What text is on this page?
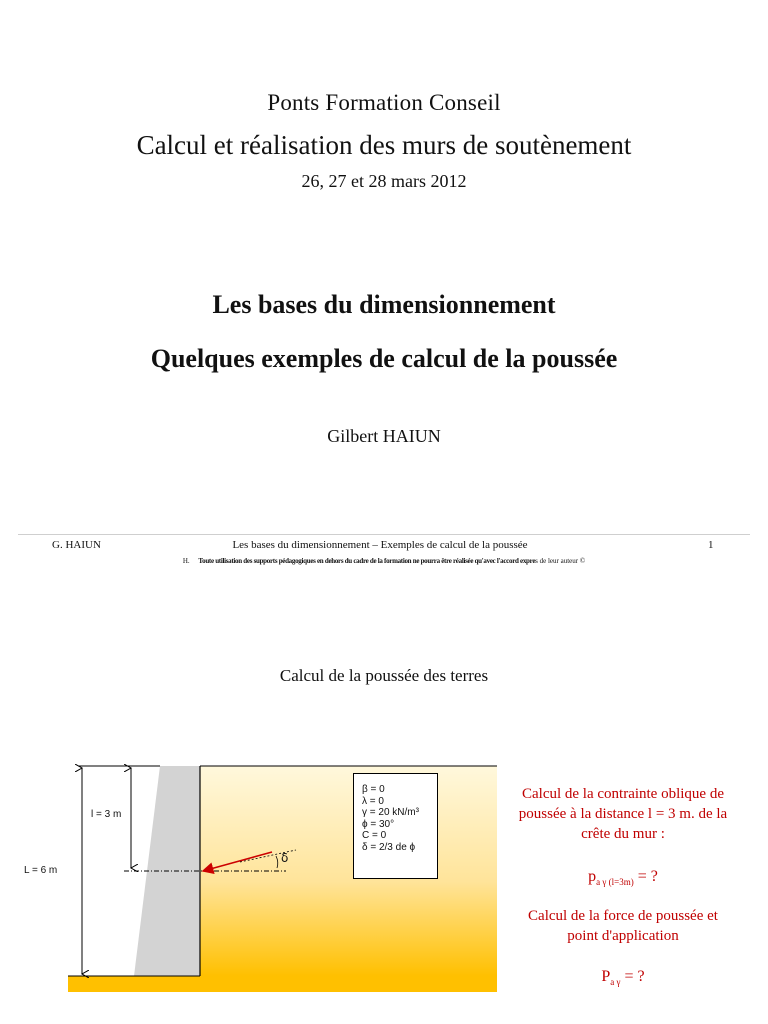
Ponts Formation Conseil
Calcul et réalisation des murs de soutènement
26, 27 et 28 mars 2012
Les bases du dimensionnement
Quelques exemples de calcul de la poussée
Gilbert HAIUN
G. HAIUN	Les bases du dimensionnement – Exemples de calcul de la poussée	1
H. Toute utilisation des supports pédagogiques en dehors du cadre de la formation ne pourra être réalisée qu'avec l'accord expres de leur auteur ©
Calcul de la poussée des terres
l = 3 m
L = 6 m
δ
β = 0
λ = 0
γ = 20 kN/m³
ϕ = 30°
C = 0
δ = 2/3 de ϕ
Calcul de la contrainte oblique de
poussée à la distance l = 3 m. de la
crête du mur :
$p_{a \gamma (l=3m)}$ = ?
Calcul de la force de poussée et
point d'application
$P_{a \gamma}$ = ?
